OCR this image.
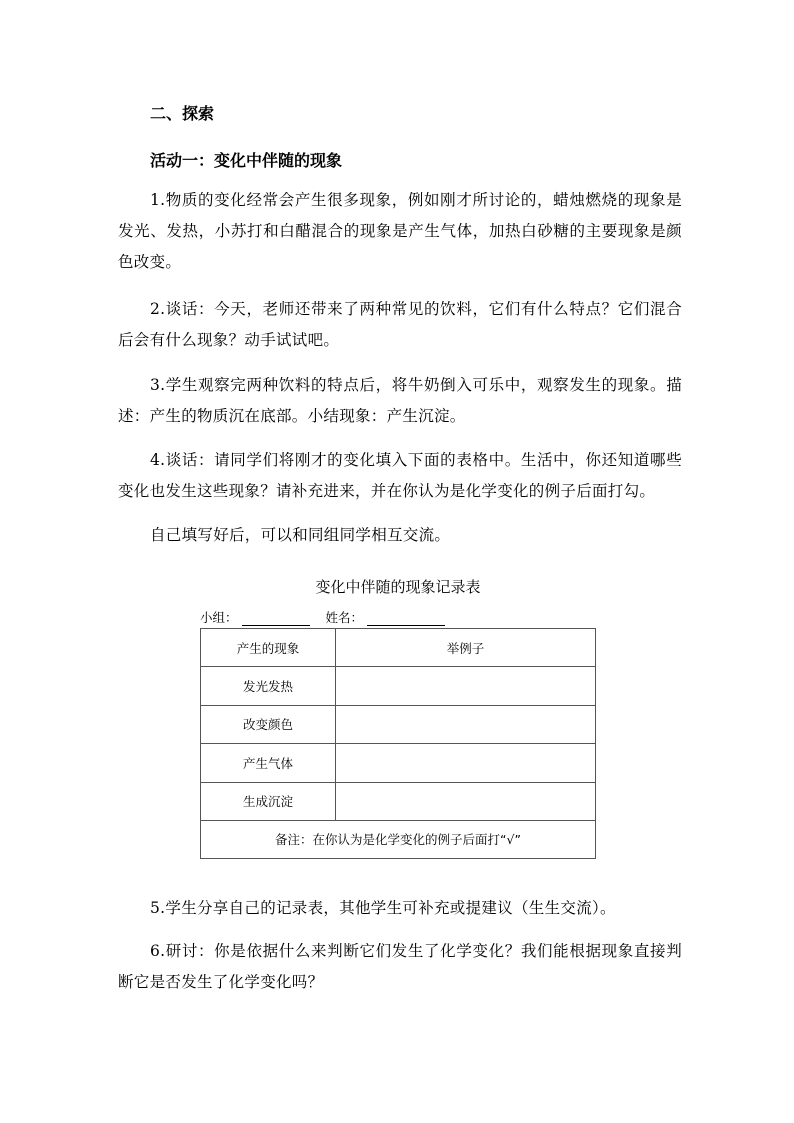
二、探索
活动一：变化中伴随的现象
1.物质的变化经常会产生很多现象，例如刚才所讨论的，蜡烛燃烧的现象是发光、发热，小苏打和白醋混合的现象是产生气体，加热白砂糖的主要现象是颜色改变。
2.谈话：今天，老师还带来了两种常见的饮料，它们有什么特点？它们混合后会有什么现象？动手试试吧。
3.学生观察完两种饮料的特点后，将牛奶倒入可乐中，观察发生的现象。描述：产生的物质沉在底部。小结现象：产生沉淀。
4.谈话：请同学们将刚才的变化填入下面的表格中。生活中，你还知道哪些变化也发生这些现象？请补充进来，并在你认为是化学变化的例子后面打勾。
自己填写好后，可以和同组同学相互交流。
变化中伴随的现象记录表
小组：	姓名：
产生的现象	举例子
发光发热	
改变颜色	
产生气体	
生成沉淀	
备注：在你认为是化学变化的例子后面打“√”	
5.学生分享自己的记录表，其他学生可补充或提建议（生生交流）。
6.研讨：你是依据什么来判断它们发生了化学变化？我们能根据现象直接判断它是否发生了化学变化吗？
